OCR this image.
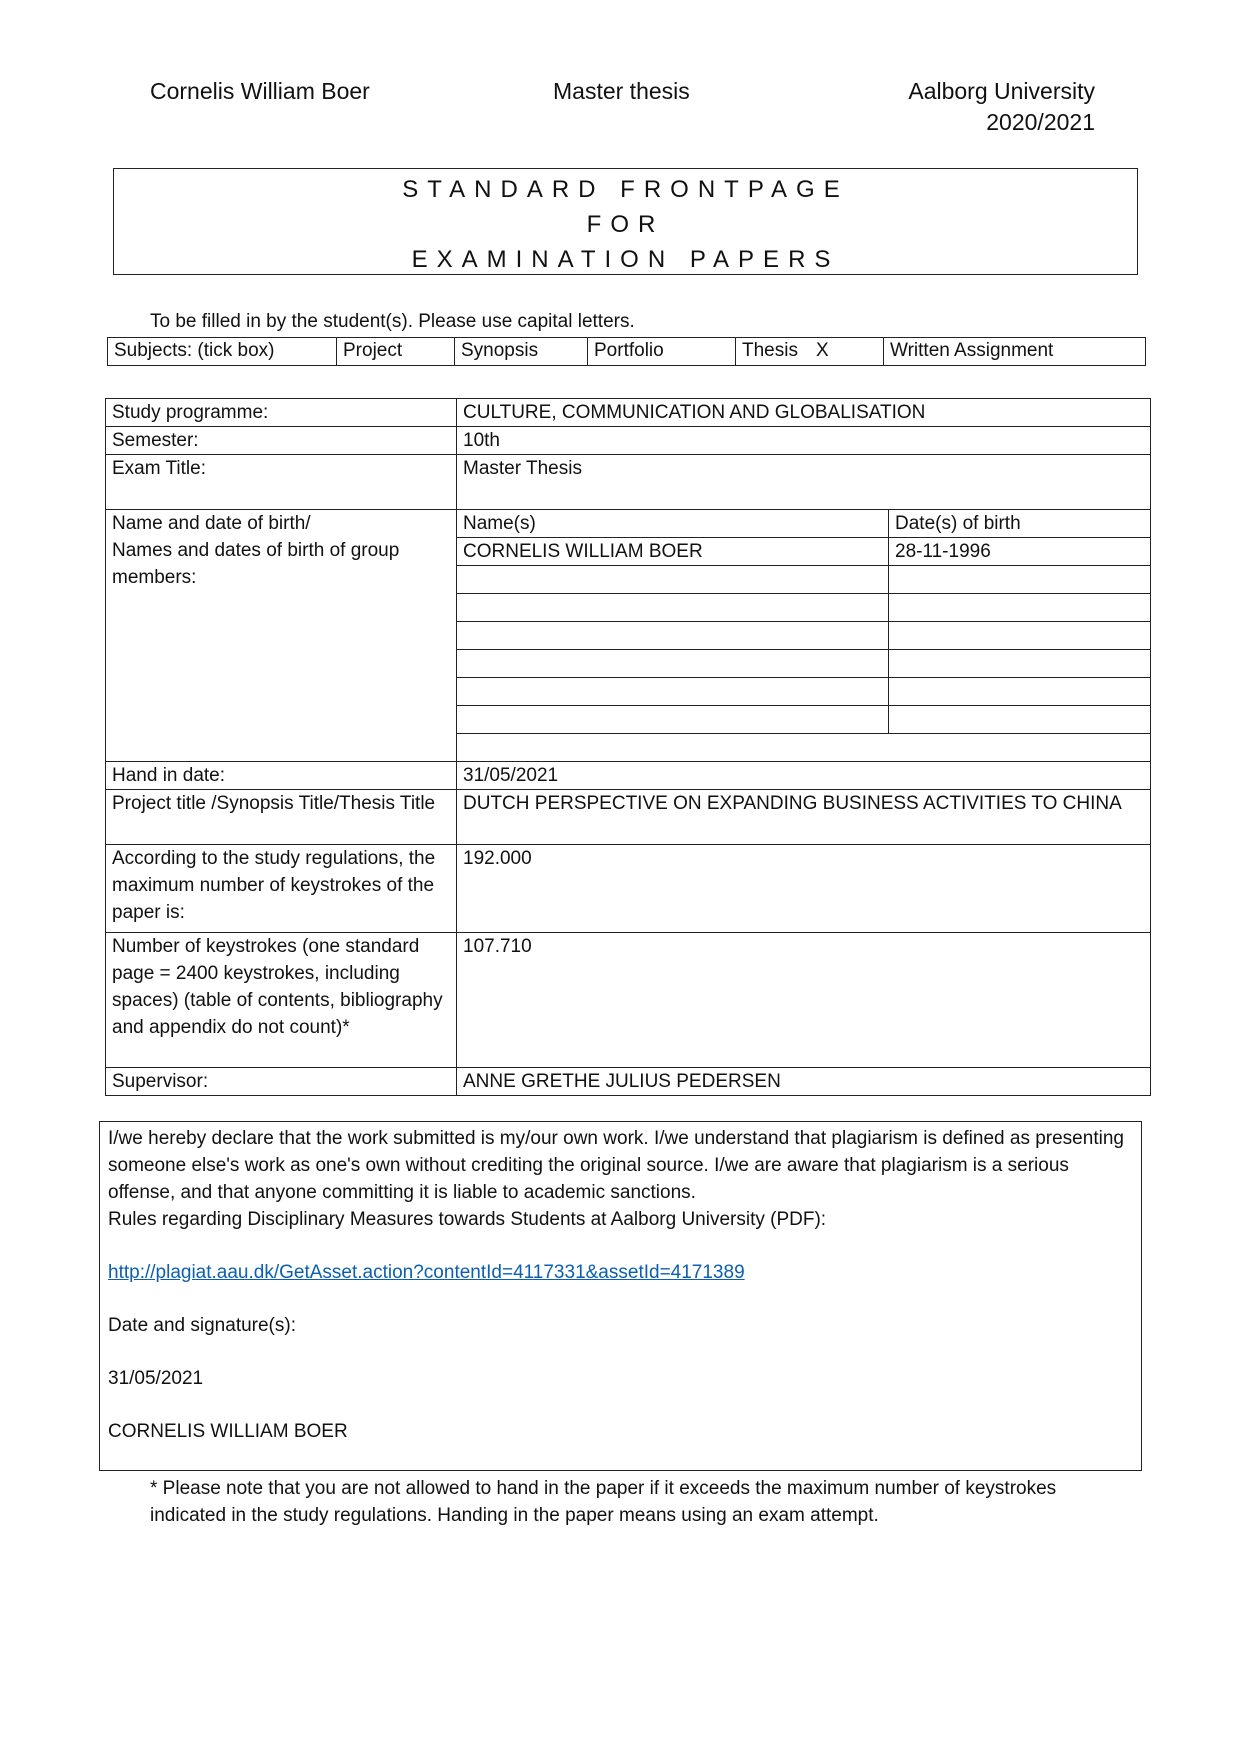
Cornelis William Boer	Master thesis	Aalborg University
2020/2021
STANDARD FRONTPAGE
FOR
EXAMINATION PAPERS
To be filled in by the student(s). Please use capital letters.
Subjects: (tick box)	Project	Synopsis	Portfolio	Thesis X	Written Assignment
Study programme:	CULTURE, COMMUNICATION AND GLOBALISATION	
Semester:	10th	
Exam Title:	Master Thesis	

Name and date of birth/
Names and dates of birth of group members:	Name(s)	Date(s) of birth
	CORNELIS WILLIAM BOER	28-11-1996

Hand in date:	31/05/2021	
Project title /Synopsis Title/Thesis Title	DUTCH PERSPECTIVE ON EXPANDING BUSINESS ACTIVITIES TO CHINA	
According to the study regulations, the maximum number of keystrokes of the paper is:	192.000	
Number of keystrokes (one standard page = 2400 keystrokes, including spaces) (table of contents, bibliography and appendix do not count)*	107.710	
Supervisor:	ANNE GRETHE JULIUS PEDERSEN	

I/we hereby declare that the work submitted is my/our own work. I/we understand that plagiarism is defined as presenting someone else's work as one's own without crediting the original source. I/we are aware that plagiarism is a serious offense, and that anyone committing it is liable to academic sanctions.

Rules regarding Disciplinary Measures towards Students at Aalborg University (PDF):

http://plagiat.aau.dk/GetAsset.action?contentId=4117331&assetId=4171389

Date and signature(s):

31/05/2021

CORNELIS WILLIAM BOER

* Please note that you are not allowed to hand in the paper if it exceeds the maximum number of keystrokes indicated in the study regulations. Handing in the paper means using an exam attempt.
